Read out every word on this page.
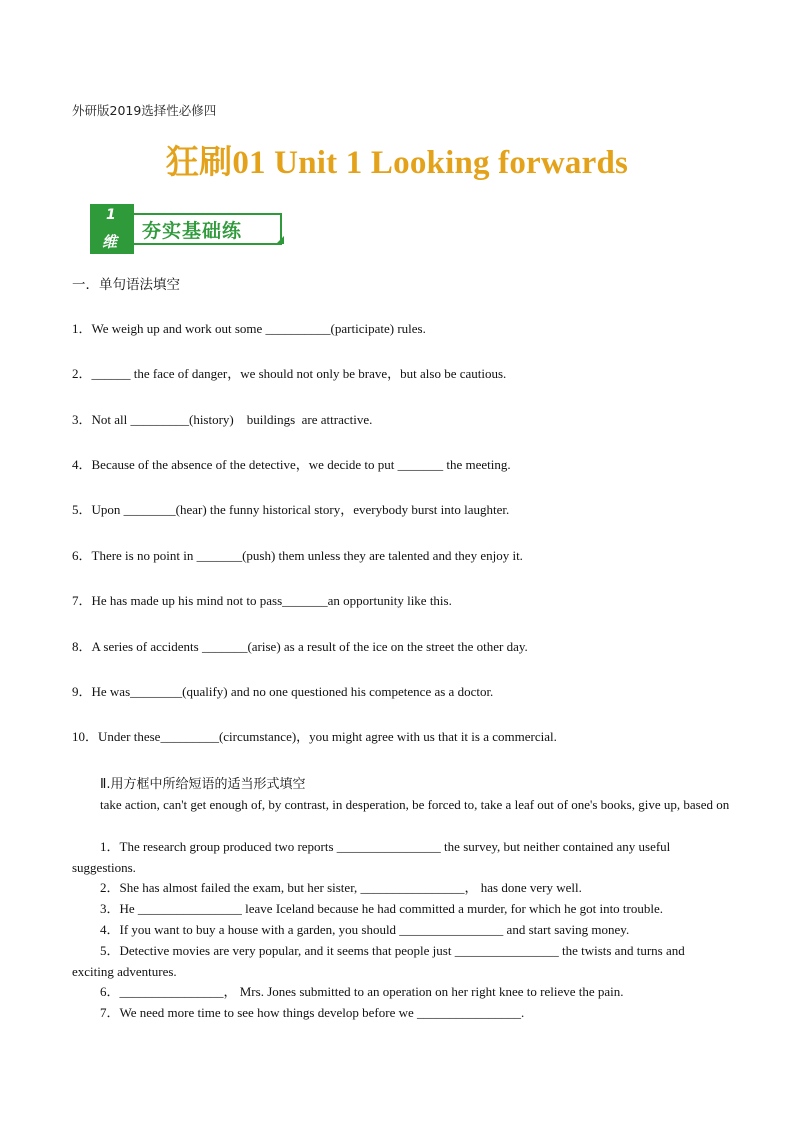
外研版2019选择性必修四
狂刷01 Unit 1 Looking forwards
1
维 夯实基础练
一．单句语法填空
1．We weigh up and work out some __________(participate) rules.
2．______ the face of danger，we should not only be brave，but also be cautious.
3．Not all _________(history)    buildings  are attractive.
4．Because of the absence of the detective，we decide to put _______ the meeting.
5．Upon ________(hear) the funny historical story，everybody burst into laughter.
6．There is no point in _______(push) them unless they are talented and they enjoy it.
7．He has made up his mind not to pass_______an opportunity like this.
8．A series of accidents _______(arise) as a result of the ice on the street the other day.
9．He was________(qualify) and no one questioned his competence as a doctor.
10．Under these_________(circumstance)，you might agree with us that it is a commercial.
Ⅱ.用方框中所给短语的适当形式填空
take action, can't get enough of, by contrast, in desperation, be forced to, take a leaf out of one's books, give up, based on
1．The research group produced two reports ________________ the survey, but neither contained any useful suggestions.
2．She has almost failed the exam, but her sister, ________________， has done very well.
3．He ________________ leave Iceland because he had committed a murder, for which he got into trouble.
4．If you want to buy a house with a garden, you should ________________ and start saving money.
5．Detective movies are very popular, and it seems that people just ________________ the twists and turns and exciting adventures.
6．________________， Mrs. Jones submitted to an operation on her right knee to relieve the pain.
7．We need more time to see how things develop before we ________________.
